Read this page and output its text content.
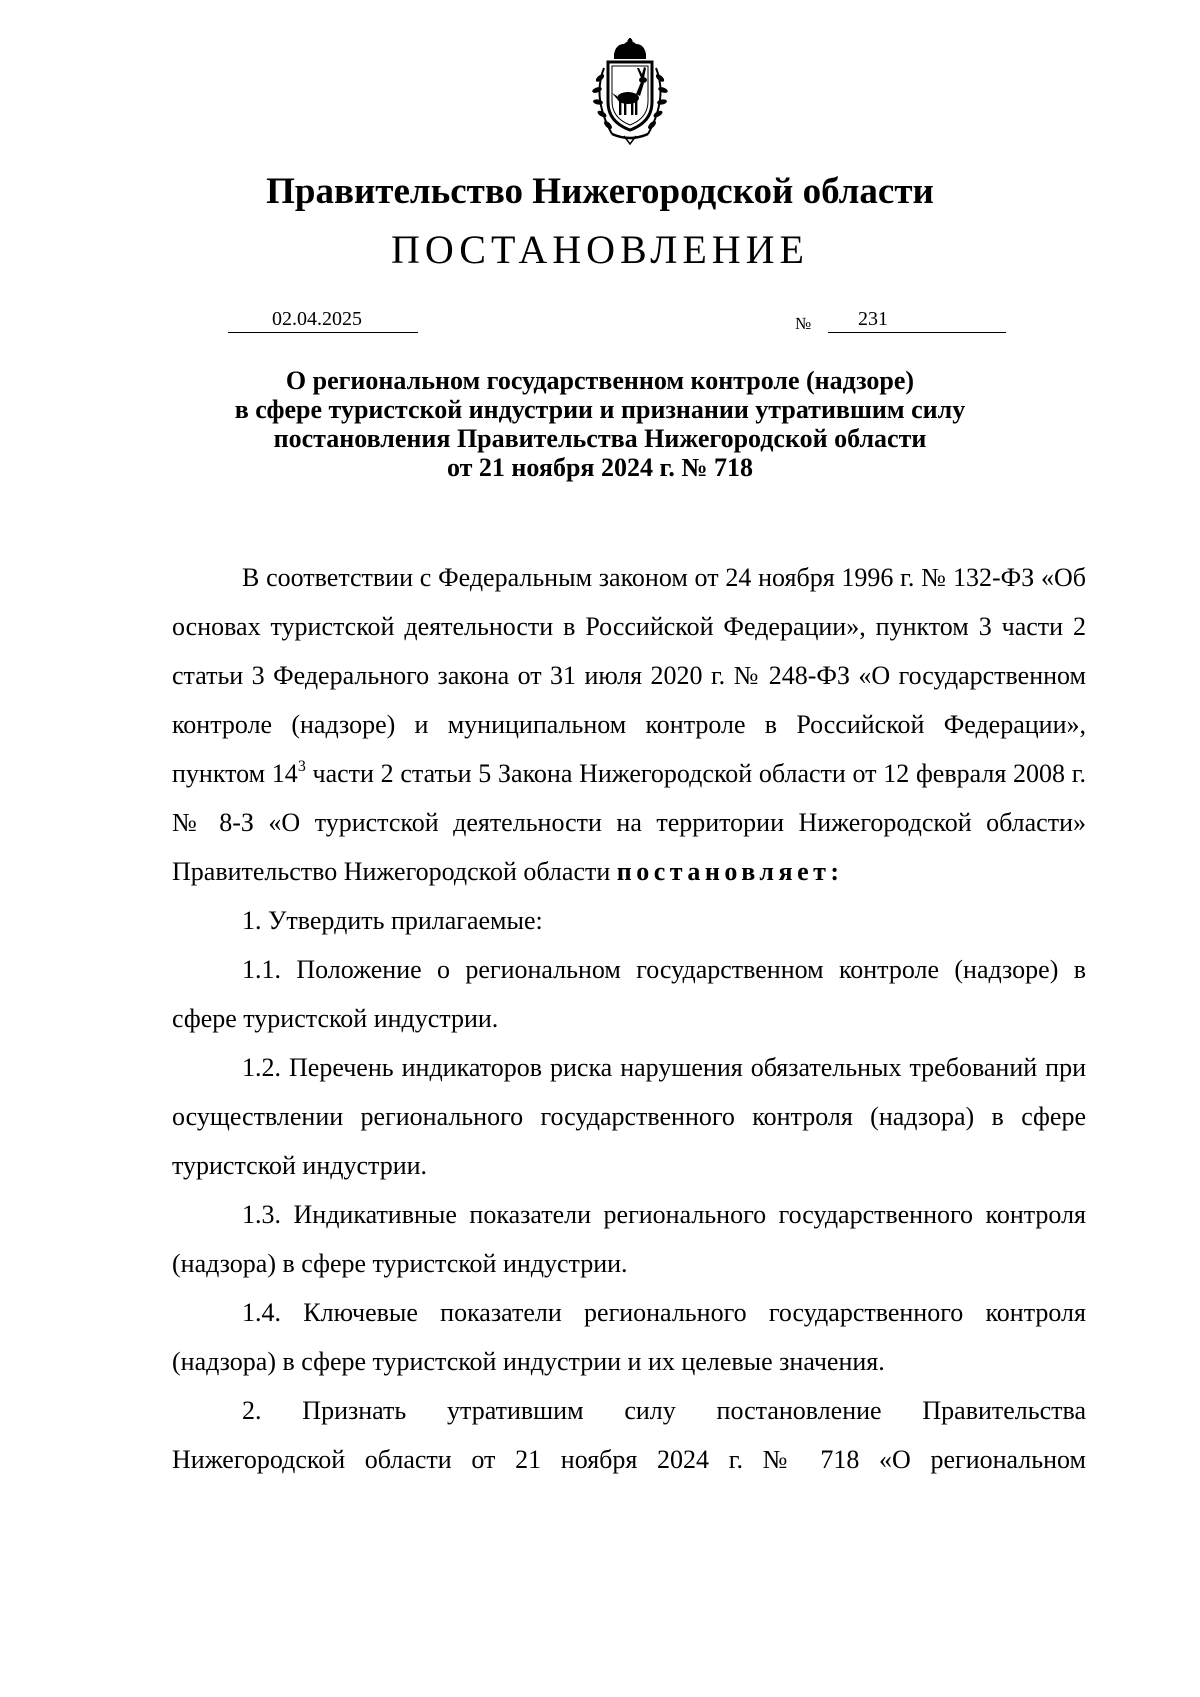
Правительство Нижегородской области
ПОСТАНОВЛЕНИЕ
02.04.2025	№	231
О региональном государственном контроле (надзоре)
в сфере туристской индустрии и признании утратившим силу
постановления Правительства Нижегородской области
от 21 ноября 2024 г. № 718

В соответствии с Федеральным законом от 24 ноября 1996 г. № 132-ФЗ «Об основах туристской деятельности в Российской Федерации», пунктом 3 части 2 статьи 3 Федерального закона от 31 июля 2020 г. № 248-ФЗ «О государственном контроле (надзоре) и муниципальном контроле в Российской Федерации», пунктом $14^3$ части 2 статьи 5 Закона Нижегородской области от 12 февраля 2008 г. № 8-З «О туристской деятельности на территории Нижегородской области» Правительство Нижегородской области постановляет:

1. Утвердить прилагаемые:

1.1. Положение о региональном государственном контроле (надзоре) в сфере туристской индустрии.

1.2. Перечень индикаторов риска нарушения обязательных требований при осуществлении регионального государственного контроля (надзора) в сфере туристской индустрии.

1.3. Индикативные показатели регионального государственного контроля (надзора) в сфере туристской индустрии.

1.4. Ключевые показатели регионального государственного контроля (надзора) в сфере туристской индустрии и их целевые значения.

2. Признать утратившим силу постановление Правительства Нижегородской области от 21 ноября 2024 г. № 718 «О региональном
